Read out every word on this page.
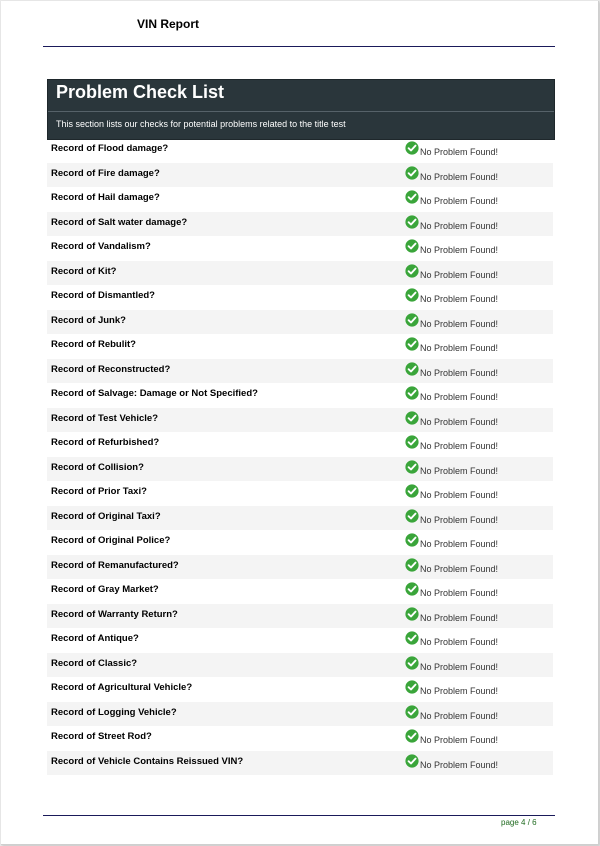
VIN Report
Problem Check List
This section lists our checks for potential problems related to the title test
Record of Flood damage?	No Problem Found!
Record of Fire damage?	No Problem Found!
Record of Hail damage?	No Problem Found!
Record of Salt water damage?	No Problem Found!
Record of Vandalism?	No Problem Found!
Record of Kit?	No Problem Found!
Record of Dismantled?	No Problem Found!
Record of Junk?	No Problem Found!
Record of Rebulit?	No Problem Found!
Record of Reconstructed?	No Problem Found!
Record of Salvage: Damage or Not Specified?	No Problem Found!
Record of Test Vehicle?	No Problem Found!
Record of Refurbished?	No Problem Found!
Record of Collision?	No Problem Found!
Record of Prior Taxi?	No Problem Found!
Record of Original Taxi?	No Problem Found!
Record of Original Police?	No Problem Found!
Record of Remanufactured?	No Problem Found!
Record of Gray Market?	No Problem Found!
Record of Warranty Return?	No Problem Found!
Record of Antique?	No Problem Found!
Record of Classic?	No Problem Found!
Record of Agricultural Vehicle?	No Problem Found!
Record of Logging Vehicle?	No Problem Found!
Record of Street Rod?	No Problem Found!
Record of Vehicle Contains Reissued VIN?	No Problem Found!
page 4 / 6
